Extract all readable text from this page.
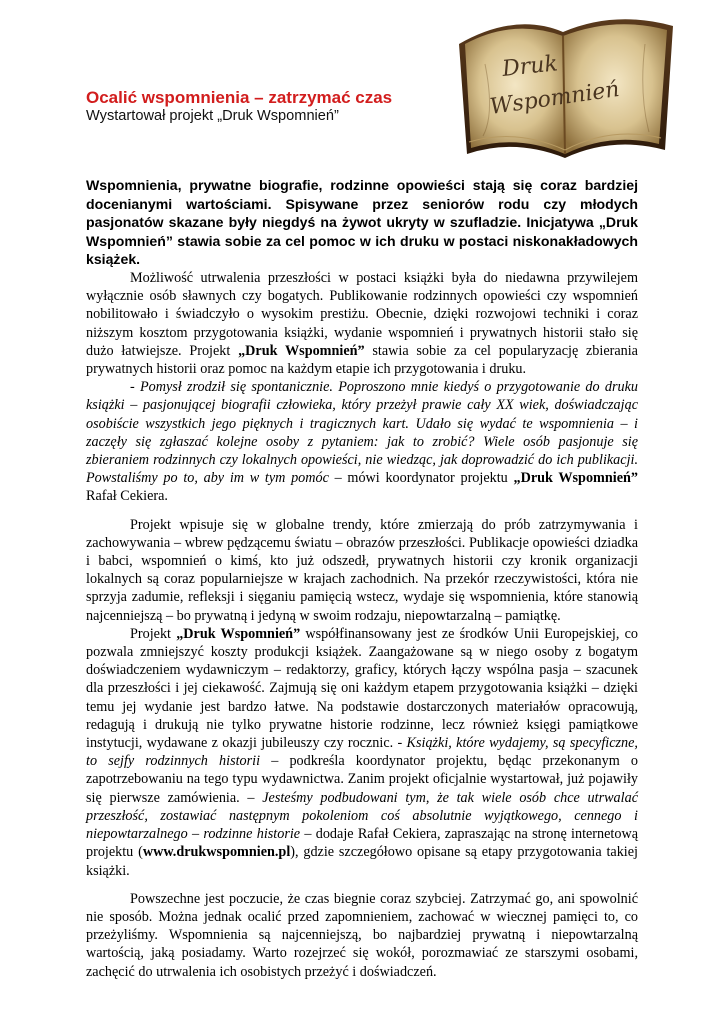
Ocalić wspomnienia – zatrzymać czas
Wystartował projekt „Druk Wspomnień”
Druk
Wspomnień

Wspomnienia, prywatne biografie, rodzinne opowieści stają się coraz bardziej docenianymi wartościami. Spisywane przez seniorów rodu czy młodych pasjonatów skazane były niegdyś na żywot ukryty w szufladzie. Inicjatywa „Druk Wspomnień” stawia sobie za cel pomoc w ich druku w postaci niskonakładowych książek.

Możliwość utrwalenia przeszłości w postaci książki była do niedawna przywilejem wyłącznie osób sławnych czy bogatych. Publikowanie rodzinnych opowieści czy wspomnień nobilitowało i świadczyło o wysokim prestiżu. Obecnie, dzięki rozwojowi techniki i coraz niższym kosztom przygotowania książki, wydanie wspomnień i prywatnych historii stało się dużo łatwiejsze. Projekt „Druk Wspomnień” stawia sobie za cel popularyzację zbierania prywatnych historii oraz pomoc na każdym etapie ich przygotowania i druku.

- Pomysł zrodził się spontanicznie. Poproszono mnie kiedyś o przygotowanie do druku książki – pasjonującej biografii człowieka, który przeżył prawie cały XX wiek, doświadczając osobiście wszystkich jego pięknych i tragicznych kart. Udało się wydać te wspomnienia – i zaczęły się zgłaszać kolejne osoby z pytaniem: jak to zrobić? Wiele osób pasjonuje się zbieraniem rodzinnych czy lokalnych opowieści, nie wiedząc, jak doprowadzić do ich publikacji. Powstaliśmy po to, aby im w tym pomóc – mówi koordynator projektu „Druk Wspomnień” Rafał Cekiera.

Projekt wpisuje się w globalne trendy, które zmierzają do prób zatrzymywania i zachowywania – wbrew pędzącemu światu – obrazów przeszłości. Publikacje opowieści dziadka i babci, wspomnień o kimś, kto już odszedł, prywatnych historii czy kronik organizacji lokalnych są coraz popularniejsze w krajach zachodnich. Na przekór rzeczywistości, która nie sprzyja zadumie, refleksji i sięganiu pamięcią wstecz, wydaje się wspomnienia, które stanowią najcenniejszą – bo prywatną i jedyną w swoim rodzaju, niepowtarzalną – pamiątkę.

Projekt „Druk Wspomnień” współfinansowany jest ze środków Unii Europejskiej, co pozwala zmniejszyć koszty produkcji książek. Zaangażowane są w niego osoby z bogatym doświadczeniem wydawniczym – redaktorzy, graficy, których łączy wspólna pasja – szacunek dla przeszłości i jej ciekawość. Zajmują się oni każdym etapem przygotowania książki – dzięki temu jej wydanie jest bardzo łatwe. Na podstawie dostarczonych materiałów opracowują, redagują i drukują nie tylko prywatne historie rodzinne, lecz również księgi pamiątkowe instytucji, wydawane z okazji jubileuszy czy rocznic. - Książki, które wydajemy, są specyficzne, to sejfy rodzinnych historii – podkreśla koordynator projektu, będąc przekonanym o zapotrzebowaniu na tego typu wydawnictwa. Zanim projekt oficjalnie wystartował, już pojawiły się pierwsze zamówienia. – Jesteśmy podbudowani tym, że tak wiele osób chce utrwalać przeszłość, zostawiać następnym pokoleniom coś absolutnie wyjątkowego, cennego i niepowtarzalnego – rodzinne historie – dodaje Rafał Cekiera, zapraszając na stronę internetową projektu (www.drukwspomnien.pl), gdzie szczegółowo opisane są etapy przygotowania takiej książki.

Powszechne jest poczucie, że czas biegnie coraz szybciej. Zatrzymać go, ani spowolnić nie sposób. Można jednak ocalić przed zapomnieniem, zachować w wiecznej pamięci to, co przeżyliśmy. Wspomnienia są najcenniejszą, bo najbardziej prywatną i niepowtarzalną wartością, jaką posiadamy. Warto rozejrzeć się wokół, porozmawiać ze starszymi osobami, zachęcić do utrwalenia ich osobistych przeżyć i doświadczeń.
